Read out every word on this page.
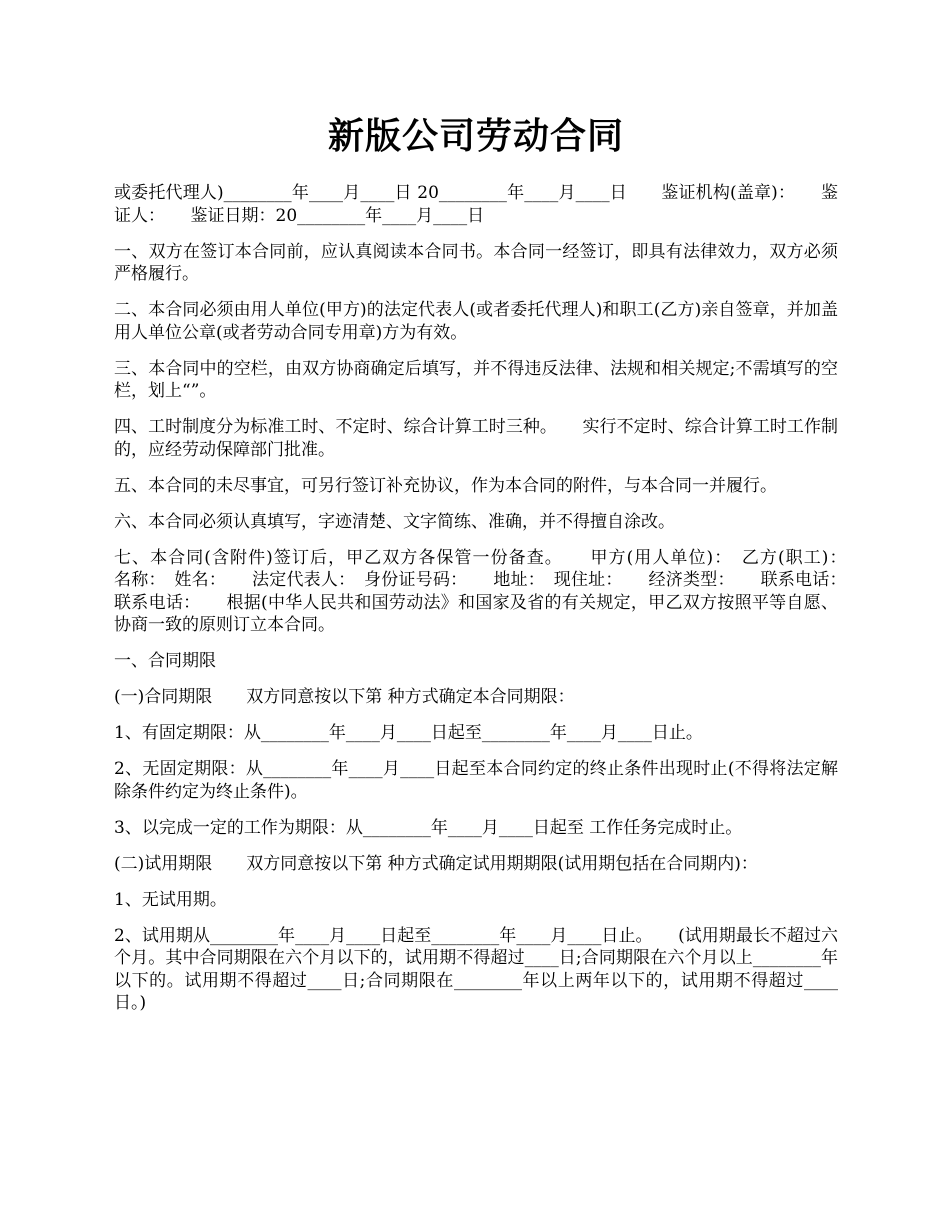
新版公司劳动合同

或委托代理人)________年____月____日 20________年____月____日　　鉴证机构(盖章)：　　鉴证人：　　鉴证日期：20________年____月____日

一、双方在签订本合同前，应认真阅读本合同书。本合同一经签订，即具有法律效力，双方必须严格履行。

二、本合同必须由用人单位(甲方)的法定代表人(或者委托代理人)和职工(乙方)亲自签章，并加盖用人单位公章(或者劳动合同专用章)方为有效。

三、本合同中的空栏，由双方协商确定后填写，并不得违反法律、法规和相关规定;不需填写的空栏，划上“”。

四、工时制度分为标准工时、不定时、综合计算工时三种。　　实行不定时、综合计算工时工作制的，应经劳动保障部门批准。

五、本合同的未尽事宜，可另行签订补充协议，作为本合同的附件，与本合同一并履行。

六、本合同必须认真填写，字迹清楚、文字简练、准确，并不得擅自涂改。

七、本合同(含附件)签订后，甲乙双方各保管一份备查。　　甲方(用人单位)：　乙方(职工)：　　名称：　姓名：　　法定代表人：　身份证号码：　　地址：　现住址：　　经济类型：　　联系电话：　联系电话：　　根据(中华人民共和国劳动法》和国家及省的有关规定，甲乙双方按照平等自愿、协商一致的原则订立本合同。

一、合同期限

(一)合同期限　　双方同意按以下第 种方式确定本合同期限：

1、有固定期限：从________年____月____日起至________年____月____日止。

2、无固定期限：从________年____月____日起至本合同约定的终止条件出现时止(不得将法定解除条件约定为终止条件)。

3、以完成一定的工作为期限：从________年____月____日起至 工作任务完成时止。

(二)试用期限　　双方同意按以下第 种方式确定试用期期限(试用期包括在合同期内)：

1、无试用期。

2、试用期从________年____月____日起至________年____月____日止。　　(试用期最长不超过六个月。其中合同期限在六个月以下的，试用期不得超过____日;合同期限在六个月以上________年以下的。试用期不得超过____日;合同期限在________年以上两年以下的，试用期不得超过____日。)
